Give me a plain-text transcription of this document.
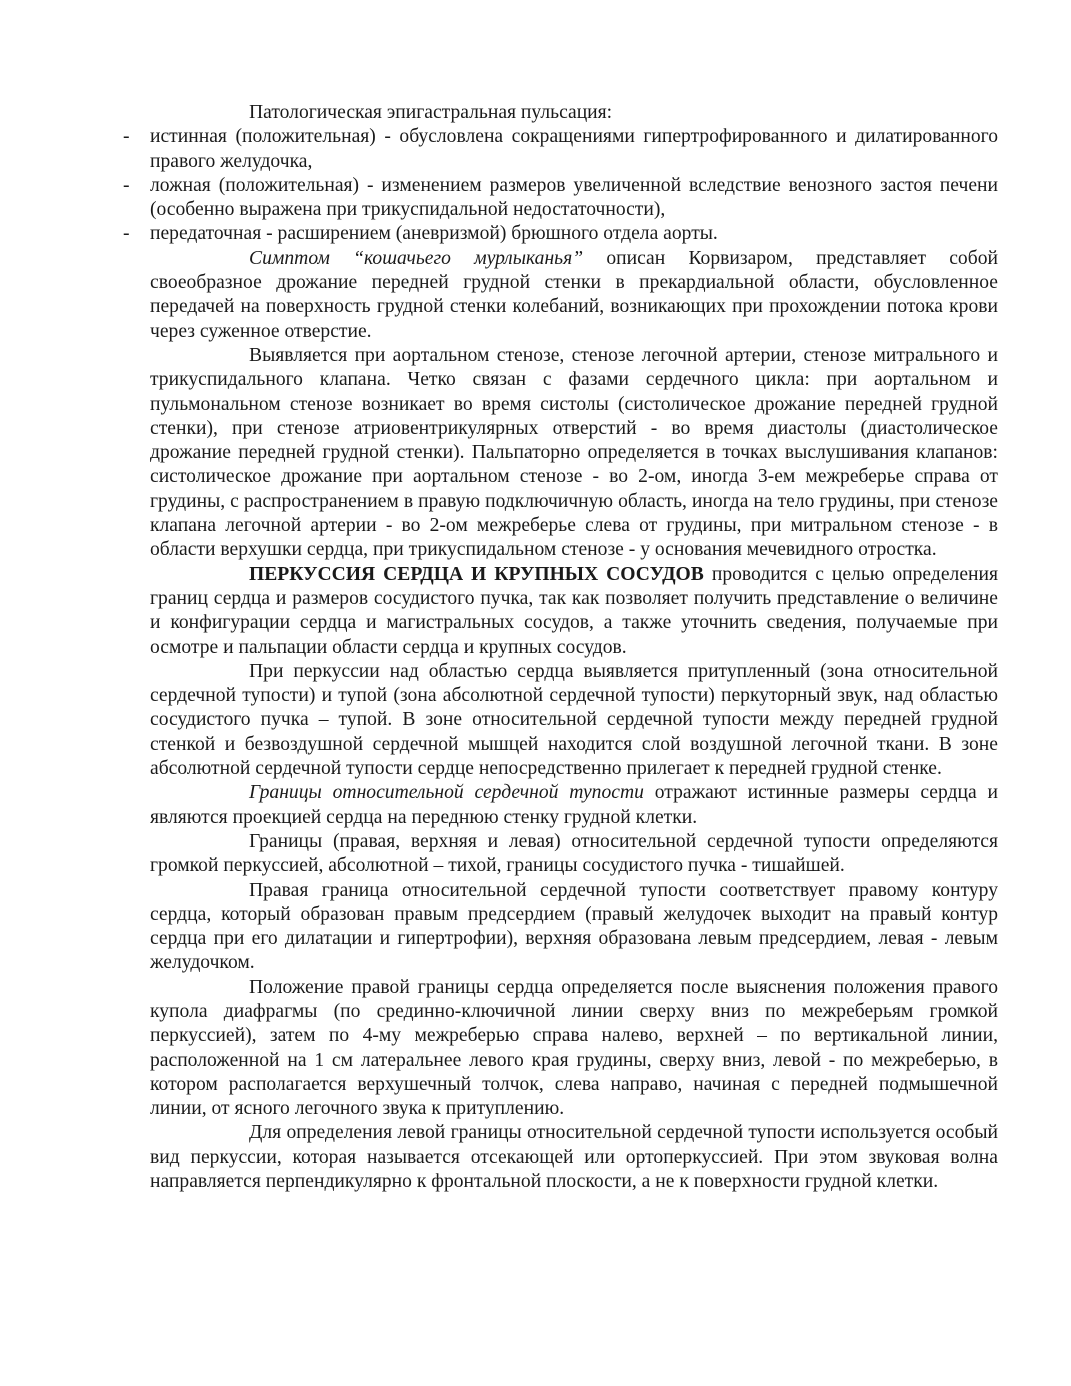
Патологическая эпигастральная пульсация:

- истинная (положительная) - обусловлена сокращениями гипертрофированного и дилатированного правого желудочка,
- ложная (положительная) - изменением размеров увеличенной вследствие венозного застоя печени (особенно выражена при трикуспидальной недостаточности),
- передаточная - расширением (аневризмой) брюшного отдела аорты.

Симптом “кошачьего мурлыканья” описан Корвизаром, представляет собой своеобразное дрожание передней грудной стенки в прекардиальной области, обусловленное передачей на поверхность грудной стенки колебаний, возникающих при прохождении потока крови через суженное отверстие.

Выявляется при аортальном стенозе, стенозе легочной артерии, стенозе митрального и трикуспидального клапана. Четко связан с фазами сердечного цикла: при аортальном и пульмональном стенозе возникает во время систолы (систолическое дрожание передней грудной стенки), при стенозе атриовентрикулярных отверстий - во время диастолы (диастолическое дрожание передней грудной стенки). Пальпаторно определяется в точках выслушивания клапанов: систолическое дрожание при аортальном стенозе - во 2-ом, иногда 3-ем межреберье справа от грудины, с распространением в правую подключичную область, иногда на тело грудины, при стенозе клапана легочной артерии - во 2-ом межреберье слева от грудины, при митральном стенозе - в области верхушки сердца, при трикуспидальном стенозе - у основания мечевидного отростка.

ПЕРКУССИЯ СЕРДЦА И КРУПНЫХ СОСУДОВ проводится с целью определения границ сердца и размеров сосудистого пучка, так как позволяет получить представление о величине и конфигурации сердца и магистральных сосудов, а также уточнить сведения, получаемые при осмотре и пальпации области сердца и крупных сосудов.

При перкуссии над областью сердца выявляется притупленный (зона относительной сердечной тупости) и тупой (зона абсолютной сердечной тупости) перкуторный звук, над областью сосудистого пучка – тупой. В зоне относительной сердечной тупости между передней грудной стенкой и безвоздушной сердечной мышцей находится слой воздушной легочной ткани. В зоне абсолютной сердечной тупости сердце непосредственно прилегает к передней грудной стенке.

Границы относительной сердечной тупости отражают истинные размеры сердца и являются проекцией сердца на переднюю стенку грудной клетки.

Границы (правая, верхняя и левая) относительной сердечной тупости определяются громкой перкуссией, абсолютной – тихой, границы сосудистого пучка - тишайшей.

Правая граница относительной сердечной тупости соответствует правому контуру сердца, который образован правым предсердием (правый желудочек выходит на правый контур сердца при его дилатации и гипертрофии), верхняя образована левым предсердием, левая - левым желудочком.

Положение правой границы сердца определяется после выяснения положения правого купола диафрагмы (по срединно-ключичной линии сверху вниз по межреберьям громкой перкуссией), затем по 4-му межреберью справа налево, верхней – по вертикальной линии, расположенной на 1 см латеральнее левого края грудины, сверху вниз, левой - по межреберью, в котором располагается верхушечный толчок, слева направо, начиная с передней подмышечной линии, от ясного легочного звука к притуплению.

Для определения левой границы относительной сердечной тупости используется особый вид перкуссии, которая называется отсекающей или ортоперкуссией. При этом звуковая волна направляется перпендикулярно к фронтальной плоскости, а не к поверхности грудной клетки.
